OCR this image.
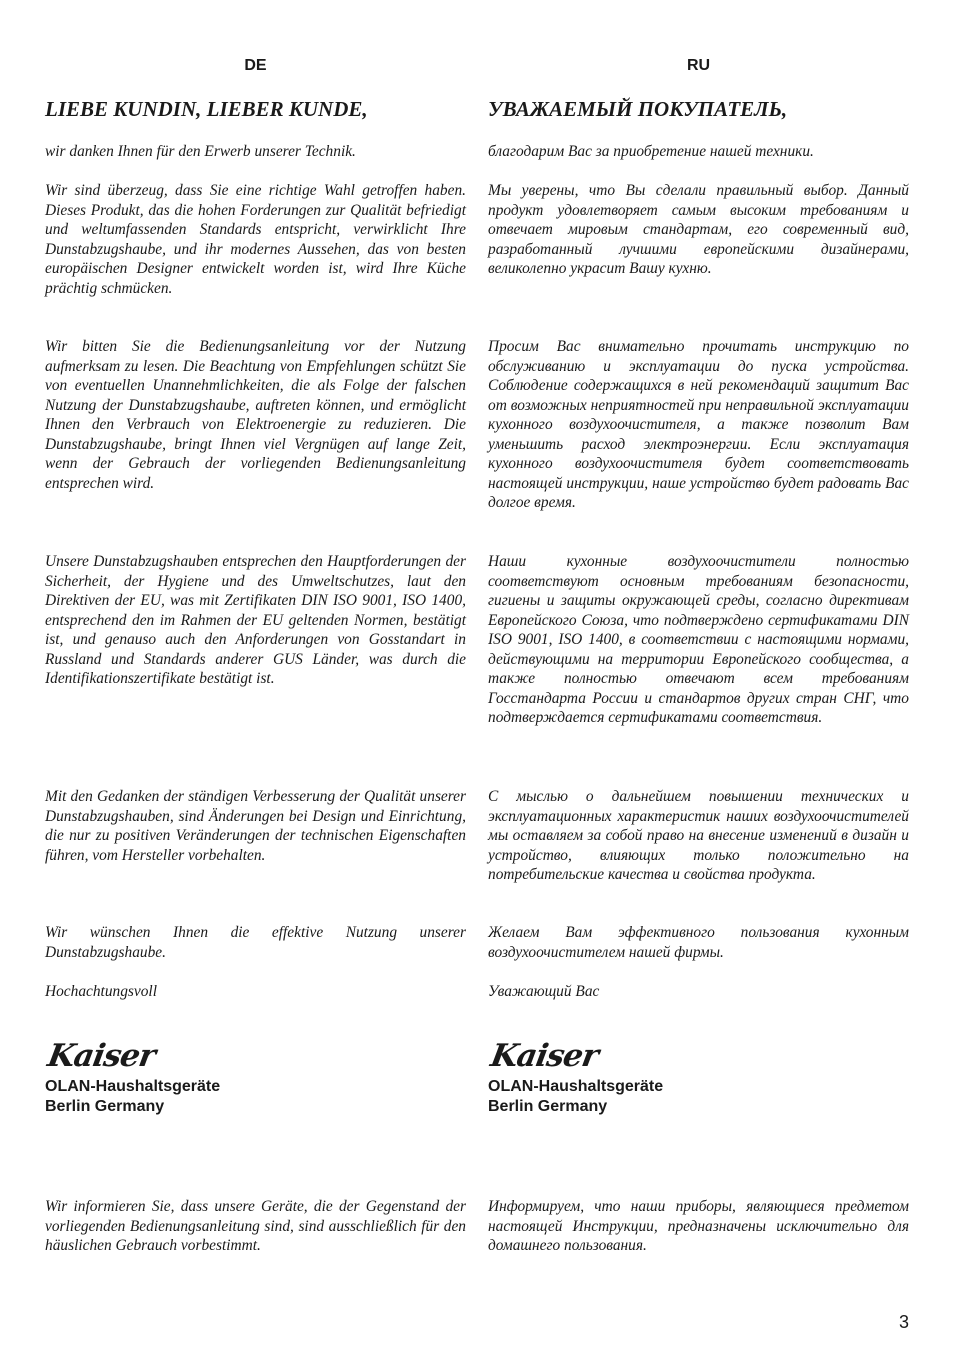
DE
LIEBE KUNDIN, LIEBER KUNDE,

wir danken Ihnen für den Erwerb unserer Technik.

Wir sind überzeug, dass Sie eine richtige Wahl getroffen haben. Dieses Produkt, das die hohen Forderungen zur Qualität befriedigt und weltumfassenden Standards entspricht, verwirklicht Ihre Dunstabzugshaube, und ihr modernes Aussehen, das von besten europäischen Designer entwickelt worden ist, wird Ihre Küche prächtig schmücken.

Wir bitten Sie die Bedienungsanleitung vor der Nutzung aufmerksam zu lesen. Die Beachtung von Empfehlungen schützt Sie von eventuellen Unannehmlichkeiten, die als Folge der falschen Nutzung der Dunstabzugshaube, auftreten können, und ermöglicht Ihnen den Verbrauch von Elektroenergie zu reduzieren. Die Dunstabzugshaube, bringt Ihnen viel Vergnügen auf lange Zeit, wenn der Gebrauch der vorliegenden Bedienungsanleitung entsprechen wird.

Unsere Dunstabzugshauben entsprechen den Hauptforderungen der Sicherheit, der Hygiene und des Umweltschutzes, laut den Direktiven der EU, was mit Zertifikaten DIN ISO 9001, ISO 1400, entsprechend den im Rahmen der EU geltenden Normen, bestätigt ist, und genauso auch den Anforderungen von Gosstandart in Russland und Standards anderer GUS Länder, was durch die Identifikationszertifikate bestätigt ist.

Mit den Gedanken der ständigen Verbesserung der Qualität unserer Dunstabzugshauben, sind Änderungen bei Design und Einrichtung, die nur zu positiven Veränderungen der technischen Eigenschaften führen, vom Hersteller vorbehalten.

Wir wünschen Ihnen die effektive Nutzung unserer Dunstabzugshaube.

Hochachtungsvoll

Kaiser
OLAN-Haushaltsgeräte
Berlin Germany

Wir informieren Sie, dass unsere Geräte, die der Gegenstand der vorliegenden Bedienungsanleitung sind, sind ausschließlich für den häuslichen Gebrauch vorbestimmt.

RU
УВАЖАЕМЫЙ ПОКУПАТЕЛЬ,

благодарим Вас за приобретение нашей техники.

Мы уверены, что Вы сделали правильный выбор. Данный продукт удовлетворяет самым высоким требованиям и отвечает мировым стандартам, его современный вид, разработанный лучшими европейскими дизайнерами, великолепно украсит Вашу кухню.

Просим Вас внимательно прочитать инструкцию по обслуживанию и эксплуатации до пуска устройства. Соблюдение содержащихся в ней рекомендаций защитит Вас от возможных неприятностей при неправильной эксплуатации кухонного воздухоочистителя, а также позволит Вам уменьшить расход электроэнергии. Если эксплуатация кухонного воздухоочистителя будет соответствовать настоящей инструкции, наше устройство будет радовать Вас долгое время.

Наши кухонные воздухоочистители полностью соответствуют основным требованиям безопасности, гигиены и защиты окружающей среды, согласно директивам Европейского Союза, что подтверждено сертификатами DIN ISO 9001, ISO 1400, в соответствии с настоящими нормами, действующими на территории Европейского сообщества, а также полностью отвечают всем требованиям Госстандарта России и стандартов других стран СНГ, что подтверждается сертификатами соответствия.

С мыслью о дальнейшем повышении технических и эксплуатационных характеристик наших воздухоочистителей мы оставляем за собой право на внесение изменений в дизайн и устройство, влияющих только положительно на потребительские качества и свойства продукта.

Желаем Вам эффективного пользования кухонным воздухоочистителем нашей фирмы.

Уважающий Вас

Kaiser
OLAN-Haushaltsgeräte
Berlin Germany

Информируем, что наши приборы, являющиеся предметом настоящей Инструкции, предназначены исключительно для домашнего пользования.

3
